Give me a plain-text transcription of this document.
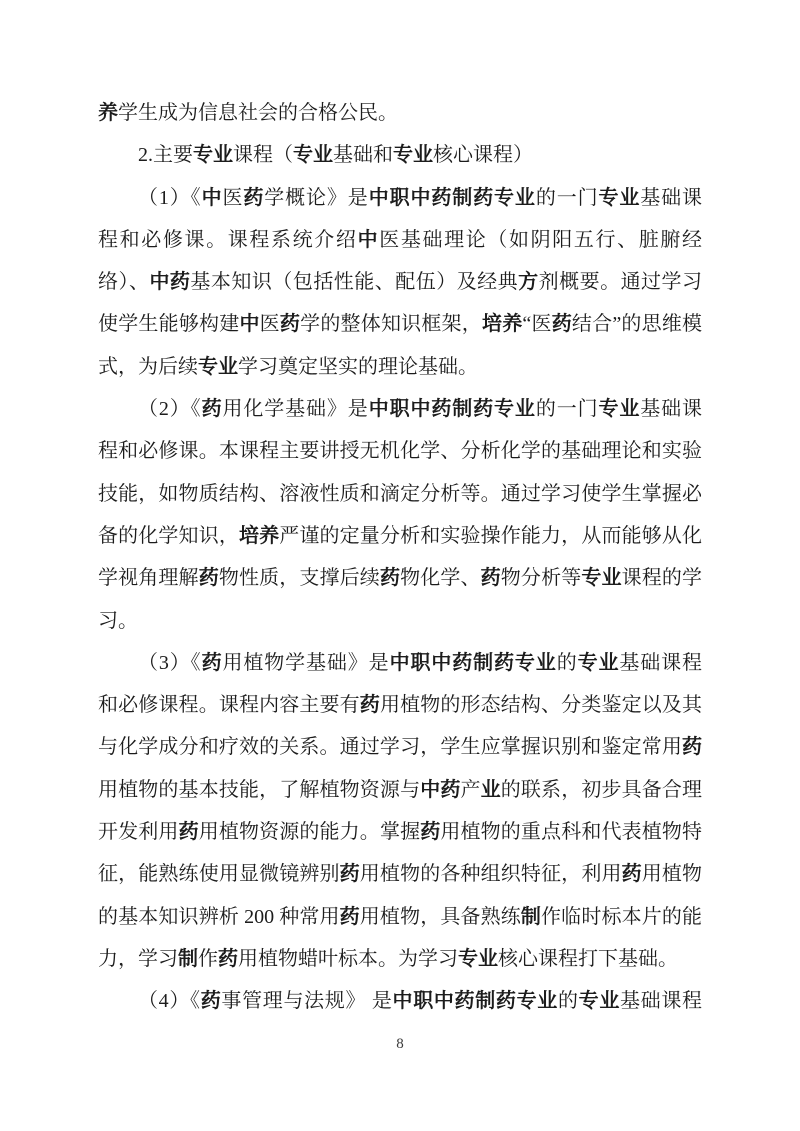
养学生成为信息社会的合格公民。
2.主要专业课程（专业基础和专业核心课程）
（1）《中医药学概论》是中职中药制药专业的一门专业基础课
程和必修课。课程系统介绍中医基础理论（如阴阳五行、脏腑经
络）、中药基本知识（包括性能、配伍）及经典方剂概要。通过学习
使学生能够构建中医药学的整体知识框架，培养“医药结合”的思维模
式，为后续专业学习奠定坚实的理论基础。
（2）《药用化学基础》是中职中药制药专业的一门专业基础课
程和必修课。本课程主要讲授无机化学、分析化学的基础理论和实验
技能，如物质结构、溶液性质和滴定分析等。通过学习使学生掌握必
备的化学知识，培养严谨的定量分析和实验操作能力，从而能够从化
学视角理解药物性质，支撑后续药物化学、药物分析等专业课程的学
习。
（3）《药用植物学基础》是中职中药制药专业的专业基础课程
和必修课程。课程内容主要有药用植物的形态结构、分类鉴定以及其
与化学成分和疗效的关系。通过学习，学生应掌握识别和鉴定常用药
用植物的基本技能，了解植物资源与中药产业的联系，初步具备合理
开发利用药用植物资源的能力。掌握药用植物的重点科和代表植物特
征，能熟练使用显微镜辨别药用植物的各种组织特征，利用药用植物
的基本知识辨析 200 种常用药用植物，具备熟练制作临时标本片的能
力，学习制作药用植物蜡叶标本。为学习专业核心课程打下基础。
（4）《药事管理与法规》 是中职中药制药专业的专业基础课程
8
